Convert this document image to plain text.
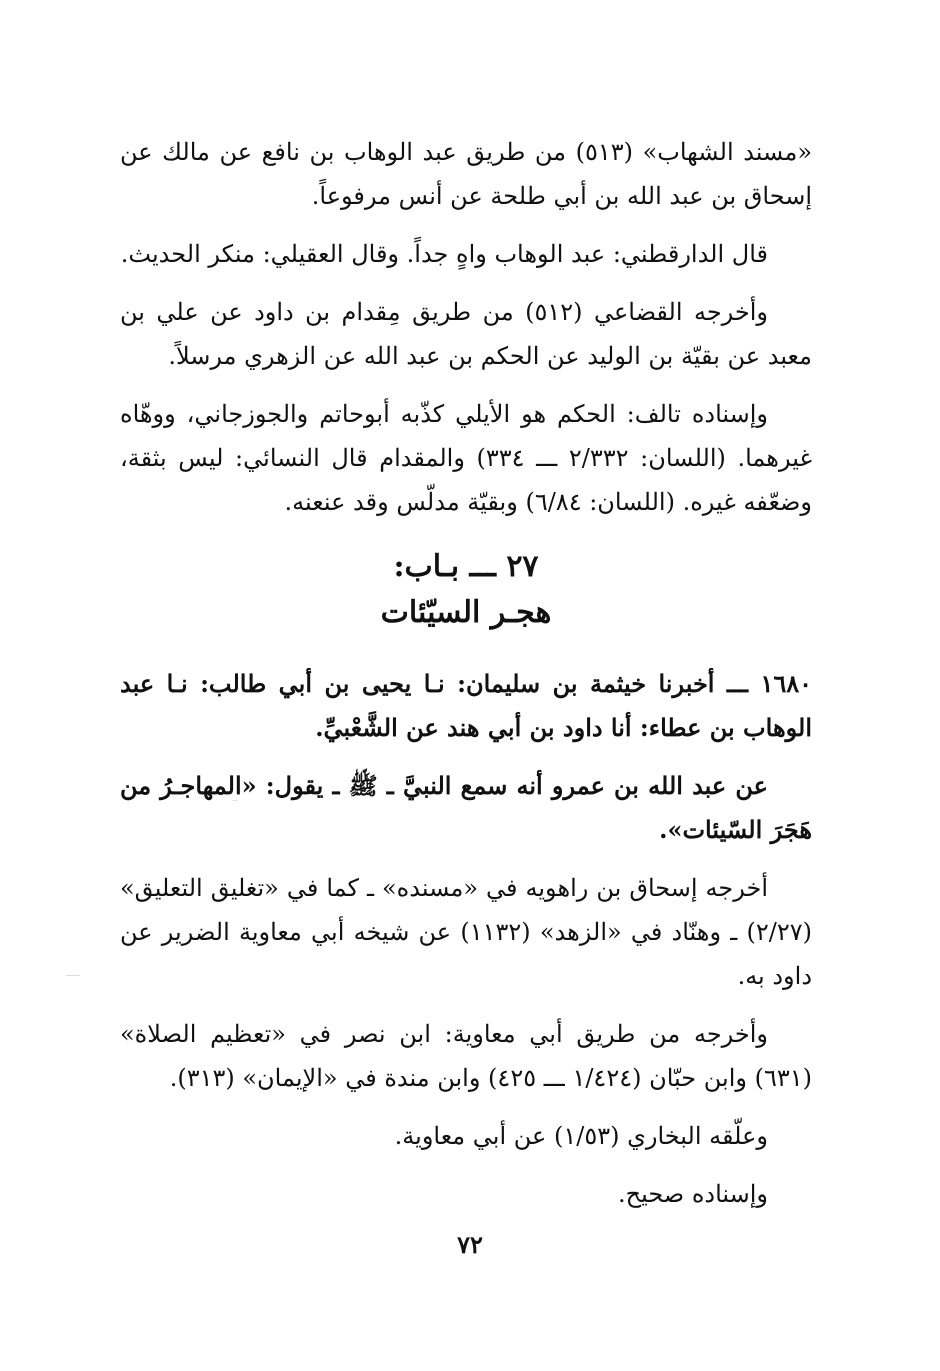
«مسند الشهاب» (٥١٣) من طريق عبد الوهاب بن نافع عن مالك عن إسحاق بن عبد الله بن أبي طلحة عن أنس مرفوعاً.

قال الدارقطني: عبد الوهاب واهٍ جداً. وقال العقيلي: منكر الحديث.

وأخرجه القضاعي (٥١٢) من طريق مِقدام بن داود عن علي بن معبد عن بقيّة بن الوليد عن الحكم بن عبد الله عن الزهري مرسلاً.

وإسناده تالف: الحكم هو الأيلي كذّبه أبوحاتم والجوزجاني، ووهّاه غيرهما. (اللسان: ٢/٣٣٢ ـــ ٣٣٤) والمقدام قال النسائي: ليس بثقة، وضعّفه غيره. (اللسان: ٦/٨٤) وبقيّة مدلّس وقد عنعنه.

٢٧ ـــ بـاب:

هجـر السيّئات

١٦٨٠ ـــ أخبرنا خيثمة بن سليمان: نـا يحيى بن أبي طالب: نـا عبد الوهاب بن عطاء: أنا داود بن أبي هند عن الشَّعْبيِّ.

عن عبد الله بن عمرو أنه سمع النبيَّ ـ ﷺ ـ يقول: «المهاجـرُ من هَجَرَ السّيئات».

أخرجه إسحاق بن راهويه في «مسنده» ـ كما في «تغليق التعليق» (٢/٢٧) ـ وهنّاد في «الزهد» (١١٣٢) عن شيخه أبي معاوية الضرير عن داود به.

وأخرجه من طريق أبي معاوية: ابن نصر في «تعظيم الصلاة» (٦٣١) وابن حبّان (١/٤٢٤ ـــ ٤٢٥) وابن مندة في «الإيمان» (٣١٣).

وعلّقه البخاري (١/٥٣) عن أبي معاوية.

وإسناده صحيح.

٧٢
